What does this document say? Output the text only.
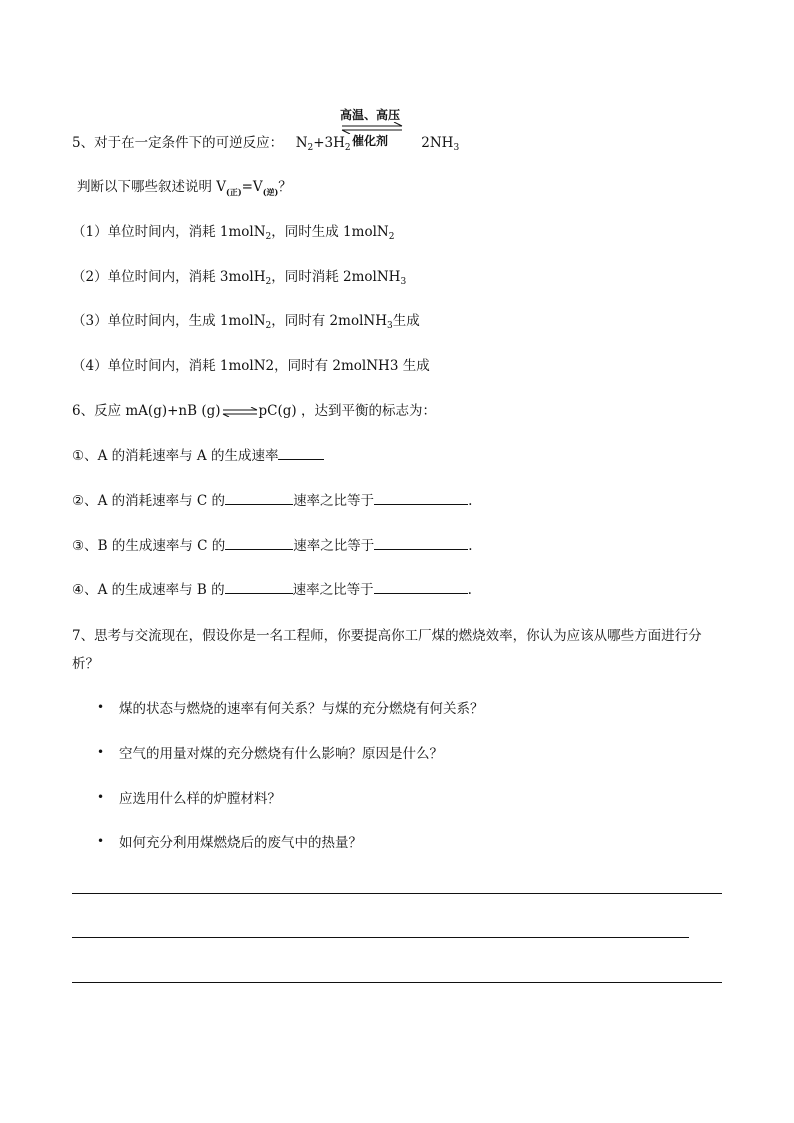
高温、高压
催化剂
5、对于在一定条件下的可逆反应： $N_2+3H_2$	$2NH_3$
判断以下哪些叙述说明 $V_{(正)}=V_{(逆)}$？
（1）单位时间内，消耗 1molN$_2$，同时生成 1molN$_2$
（2）单位时间内，消耗 3molH$_2$，同时消耗 2molNH$_3$
（3）单位时间内，生成 1molN$_2$，同时有 2molNH$_3$生成
（4）单位时间内，消耗 1molN2，同时有 2molNH3 生成
6、反应 mA(g)+nB (g)⇌pC(g) ，达到平衡的标志为：
①、A 的消耗速率与 A 的生成速率
②、A 的消耗速率与 C 的	速率之比等于	.
③、B 的生成速率与 C 的	速率之比等于	.
④、A 的生成速率与 B 的	速率之比等于	.
7、思考与交流现在，假设你是一名工程师，你要提高你工厂煤的燃烧效率，你认为应该从哪些方面进行分
析？
• 煤的状态与燃烧的速率有何关系？与煤的充分燃烧有何关系？
• 空气的用量对煤的充分燃烧有什么影响？原因是什么？
• 应选用什么样的炉膛材料？
• 如何充分利用煤燃烧后的废气中的热量？
